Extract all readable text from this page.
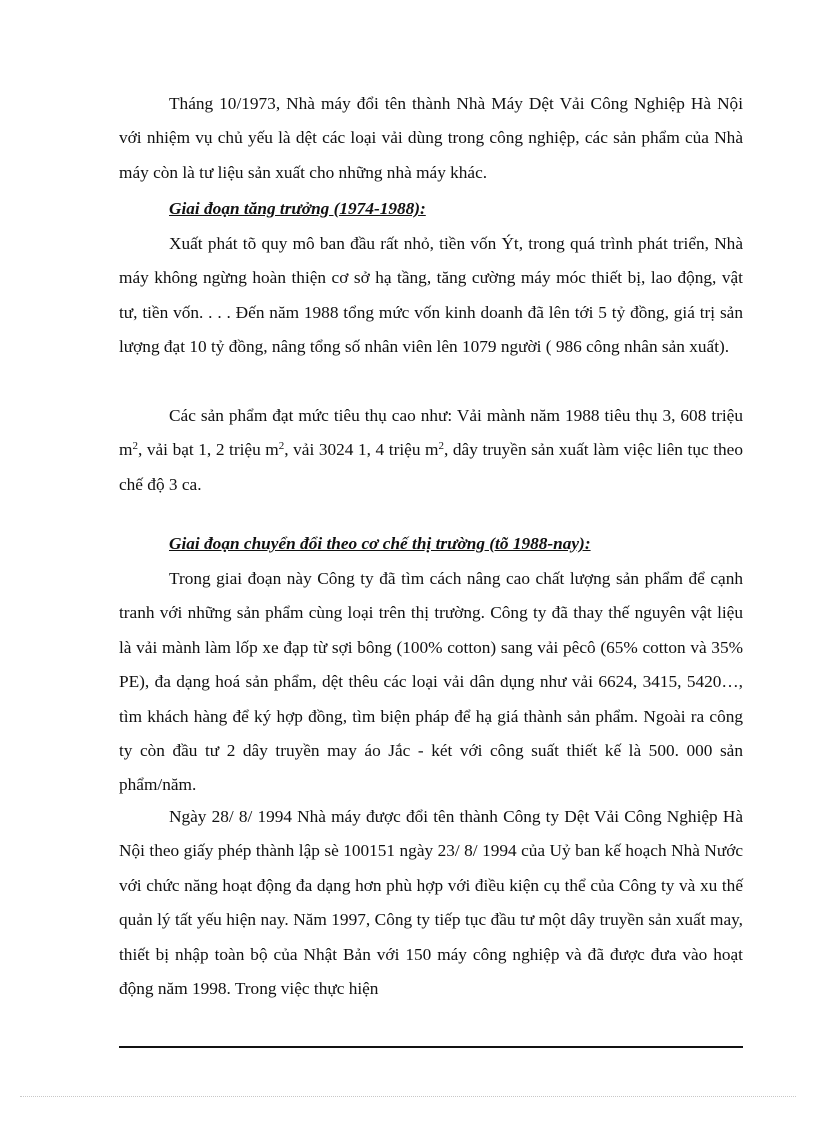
Tháng 10/1973, Nhà máy đổi tên thành Nhà Máy Dệt Vải Công Nghiệp Hà Nội với nhiệm vụ chủ yếu là dệt các loại vải dùng trong công nghiệp, các sản phẩm của Nhà máy còn là tư liệu sản xuất cho những nhà máy khác.

Giai đoạn tăng trưởng (1974-1988):

Xuất phát tõ quy mô ban đầu rất nhỏ, tiền vốn Ýt, trong quá trình phát triển, Nhà máy không ngừng hoàn thiện cơ sở hạ tầng, tăng cường máy móc thiết bị, lao động, vật tư, tiền vốn. . . . Đến năm 1988 tổng mức vốn kinh doanh đã lên tới 5 tỷ đồng, giá trị sản lượng đạt 10 tỷ đồng, nâng tổng số nhân viên lên 1079 người ( 986 công nhân sản xuất).

Các sản phẩm đạt mức tiêu thụ cao như: Vải mành năm 1988 tiêu thụ 3, 608 triệu $m^2$, vải bạt 1, 2 triệu $m^2$, vải 3024 1, 4 triệu $m^2$, dây truyền sản xuất làm việc liên tục theo chế độ 3 ca.

Giai đoạn chuyển đổi theo cơ chế thị trường (tõ 1988-nay):

Trong giai đoạn này Công ty đã tìm cách nâng cao chất lượng sản phẩm để cạnh tranh với những sản phẩm cùng loại trên thị trường. Công ty đã thay thế nguyên vật liệu là vải mành làm lốp xe đạp từ sợi bông (100% cotton) sang vải pêcô (65% cotton và 35% PE), đa dạng hoá sản phẩm, dệt thêu các loại vải dân dụng như vải 6624, 3415, 5420…, tìm khách hàng để ký hợp đồng, tìm biện pháp để hạ giá thành sản phẩm. Ngoài ra công ty còn đầu tư 2 dây truyền may áo Jắc - két với công suất thiết kế là 500. 000 sản phẩm/năm.

Ngày 28/ 8/ 1994 Nhà máy được đổi tên thành Công ty Dệt Vải Công Nghiệp Hà Nội theo giấy phép thành lập sè 100151 ngày 23/ 8/ 1994 của Uỷ ban kế hoạch Nhà Nước với chức năng hoạt động đa dạng hơn phù hợp với điều kiện cụ thể của Công ty và xu thế quản lý tất yếu hiện nay. Năm 1997, Công ty tiếp tục đầu tư một dây truyền sản xuất may, thiết bị nhập toàn bộ của Nhật Bản với 150 máy công nghiệp và đã được đưa vào hoạt động năm 1998. Trong việc thực hiện
